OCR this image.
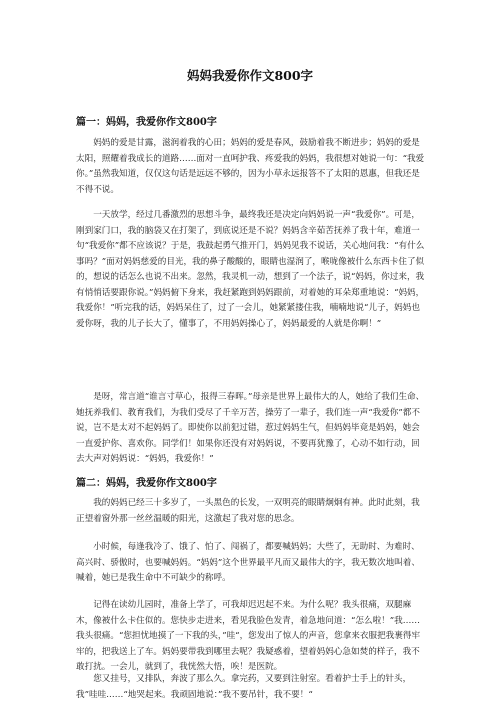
妈妈我爱你作文800字
篇一：妈妈，我爱你作文800字

妈妈的爱是甘露，滋润着我的心田；妈妈的爱是春风，鼓励着我不断进步；妈妈的爱是太阳，照耀着我成长的道路……面对一直呵护我、疼爱我的妈妈，我很想对她说一句：“我爱你。”虽然我知道，仅仅这句话是远远不够的，因为小草永远报答不了太阳的恩惠，但我还是不得不说。

一天放学，经过几番激烈的思想斗争，最终我还是决定向妈妈说一声“我爱你”。可是，刚到家门口，我的脑袋又在打架了，到底说还是不说？妈妈含辛茹苦抚养了我十年，难道一句“我爱你”都不应该说？于是，我鼓起勇气推开门，妈妈见我不说话，关心地问我：“有什么事吗？”面对妈妈慈爱的目光，我的鼻子酸酸的，眼睛也湿润了，喉咙像被什么东西卡住了似的，想说的话怎么也说不出来。忽然，我灵机一动，想到了一个法子，说“妈妈，你过来，我有悄悄话要跟你说。”妈妈俯下身来，我赶紧跑到妈妈跟前，对着她的耳朵郑重地说：“妈妈，我爱你！”听完我的话，妈妈呆住了，过了一会儿，她紧紧搂住我，喃喃地说“儿子，妈妈也爱你呀，我的儿子长大了，懂事了，不用妈妈操心了，妈妈最爱的人就是你啊！”

是呀，常言道“谁言寸草心，报得三春晖。”母亲是世界上最伟大的人，她给了我们生命、她抚养我们、教育我们，为我们受尽了千辛万苦，操劳了一辈子，我们连一声“我爱你”都不说，岂不是太对不起妈妈了。即使你以前犯过错，惹过妈妈生气，但妈妈毕竟是妈妈，她会一直爱护你、喜欢你。同学们！如果你还没有对妈妈说，不要再犹豫了，心动不如行动，回去大声对妈妈说：“妈妈，我爱你！”

篇二：妈妈，我爱你作文800字

我的妈妈已经三十多岁了，一头黑色的长发，一双明亮的眼睛炯炯有神。此时此刻，我正望着窗外那一丝丝温暖的阳光，这激起了我对您的思念。

小时候，每逢我冷了、饿了、怕了、闯祸了，都要喊妈妈；大些了，无助时、为难时、高兴时、骄傲时，也要喊妈妈。“妈妈”这个世界最平凡而又最伟大的字，我无数次地叫着、喊着，她已是我生命中不可缺少的称呼。

记得在读幼儿园时，准备上学了，可我却迟迟起不来。为什么呢？我头很痛，双腿麻木，像被什么卡住似的。您快步走进来，看见我脸色发青，着急地问道：“怎么啦！”我……我头很痛。“您担忧地摸了一下我的头，”哇“，您发出了惊人的声音，您拿来衣服把我裹得牢牢的，把我送上了车。妈妈要带我到哪里去呢？我疑惑着，望着妈妈心急如焚的样子，我不敢打扰。一会儿，就到了，我恍然大悟，唉！是医院。

您又挂号，又排队，奔波了那么久。拿完药，又要到注射室。看着护士手上的针头，我”哇哇……“地哭起来。我顽固地说：”我不要吊针，我不要！“
